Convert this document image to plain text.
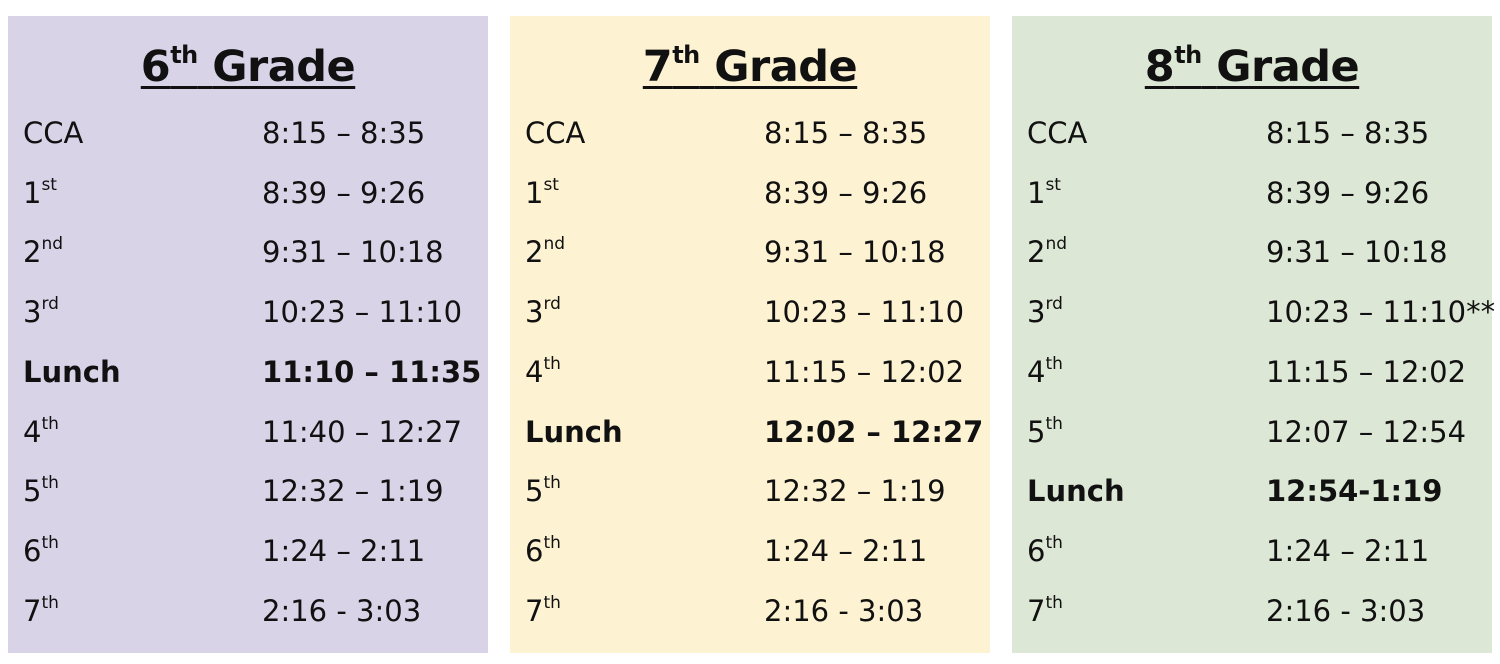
6th Grade
CCA	8:15 – 8:35
1st	8:39 – 9:26
2nd	9:31 – 10:18
3rd	10:23 – 11:10
Lunch	11:10 – 11:35
4th	11:40 – 12:27
5th	12:32 – 1:19
6th	1:24 – 2:11
7th	2:16 - 3:03
7th Grade
CCA	8:15 – 8:35
1st	8:39 – 9:26
2nd	9:31 – 10:18
3rd	10:23 – 11:10
4th	11:15 – 12:02
Lunch	12:02 – 12:27
5th	12:32 – 1:19
6th	1:24 – 2:11
7th	2:16 - 3:03
8th Grade
CCA	8:15 – 8:35
1st	8:39 – 9:26
2nd	9:31 – 10:18
3rd	10:23 – 11:10**
4th	11:15 – 12:02
5th	12:07 – 12:54
Lunch	12:54-1:19
6th	1:24 – 2:11
7th	2:16 - 3:03
